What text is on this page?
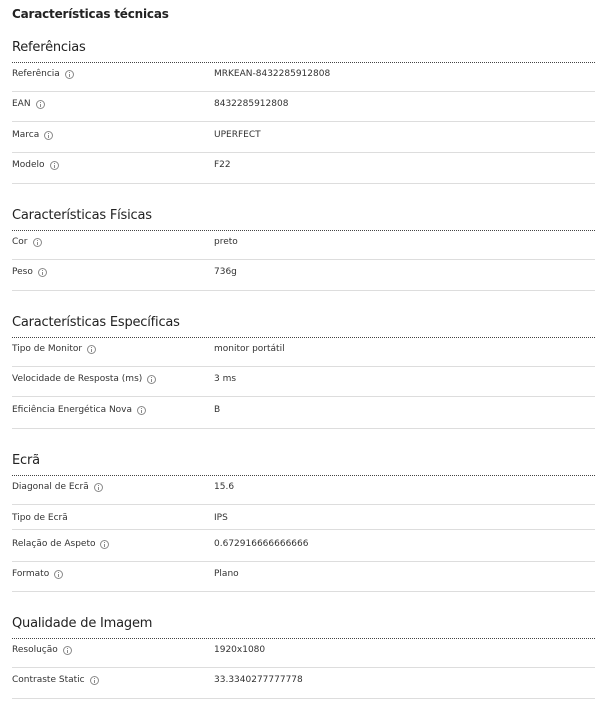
Características técnicas
Referências
Referência	MRKEAN-8432285912808
EAN	8432285912808
Marca	UPERFECT
Modelo	F22
Características Físicas
Cor	preto
Peso	736g
Características Específicas
Tipo de Monitor	monitor portátil
Velocidade de Resposta (ms)	3 ms
Eficiência Energética Nova	B
Ecrã
Diagonal de Ecrã	15.6
Tipo de Ecrã	IPS
Relação de Aspeto	0.672916666666666
Formato	Plano
Qualidade de Imagem
Resolução	1920x1080
Contraste Static	33.3340277777778
